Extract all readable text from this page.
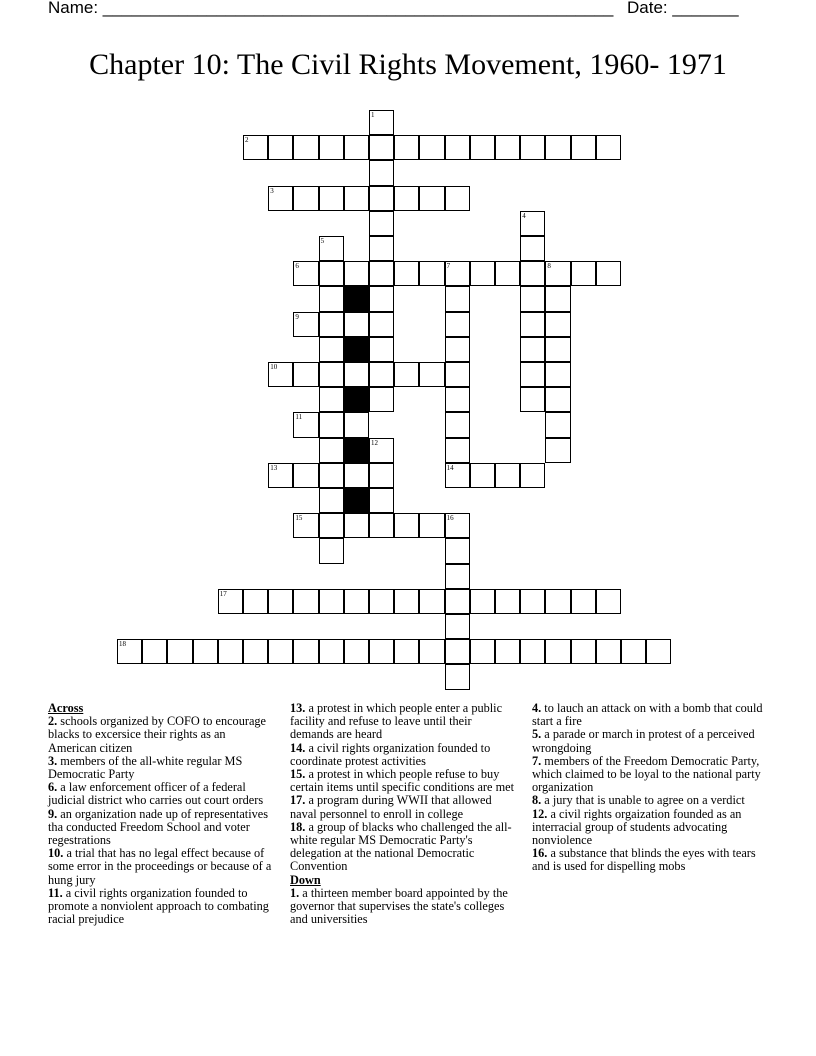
Name: ______________________________________________________ Date: _______
Chapter 10: The Civil Rights Movement, 1960- 1971
1
2
3
4
5
6	7	8
9
10
11
12
13	14
15	16
17
18
Across
2. schools organized by COFO to encourage blacks to excersice their rights as an American citizen
3. members of the all-white regular MS Democratic Party
6. a law enforcement officer of a federal judicial district who carries out court orders
9. an organization nade up of representatives tha conducted Freedom School and voter regestrations
10. a trial that has no legal effect because of some error in the proceedings or because of a hung jury
11. a civil rights organization founded to promote a nonviolent approach to combating racial prejudice
13. a protest in which people enter a public facility and refuse to leave until their demands are heard
14. a civil rights organization founded to coordinate protest activities
15. a protest in which people refuse to buy certain items until specific conditions are met
17. a program during WWII that allowed naval personnel to enroll in college
18. a group of blacks who challenged the all-white regular MS Democratic Party's delegation at the national Democratic Convention
Down
1. a thirteen member board appointed by the governor that supervises the state's colleges and universities
4. to lauch an attack on with a bomb that could start a fire
5. a parade or march in protest of a perceived wrongdoing
7. members of the Freedom Democratic Party, which claimed to be loyal to the national party organization
8. a jury that is unable to agree on a verdict
12. a civil rights orgaization founded as an interracial group of students advocating nonviolence
16. a substance that blinds the eyes with tears and is used for dispelling mobs
